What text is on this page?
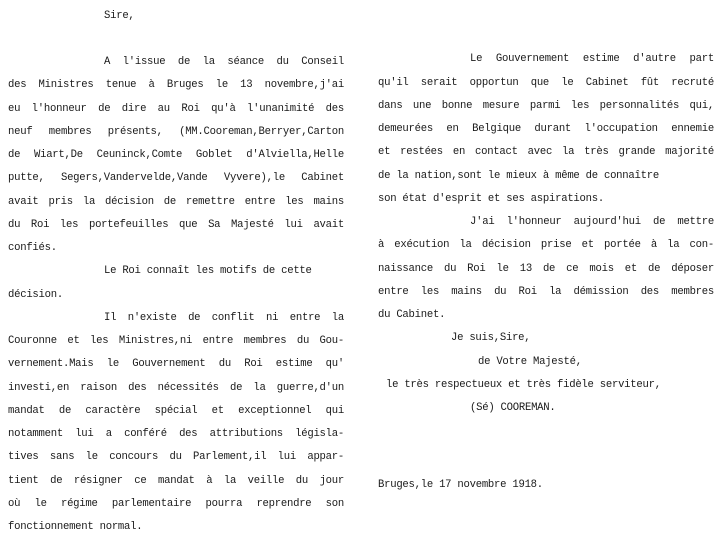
Sire,
A l'issue de la séance du Conseil
des Ministres tenue à Bruges le 13 novembre,j'ai
eu l'honneur de dire au Roi qu'à l'unanimité des
neuf membres présents, (MM.Cooreman,Berryer,Carton
de Wiart,De Ceuninck,Comte Goblet d'Alviella,Helle
putte, Segers,Vandervelde,Vande Vyvere),le Cabinet
avait pris la décision de remettre entre les mains
du Roi les portefeuilles que Sa Majesté lui avait
confiés.
Le Roi connaît les motifs de cette
décision.
Il n'existe de conflit ni entre la
Couronne et les Ministres,ni entre membres du Gou-
vernement.Mais le Gouvernement du Roi estime qu'
investi,en raison des nécessités de la guerre,d'un
mandat de caractère spécial et exceptionnel qui
notamment lui a conféré des attributions législa-
tives sans le concours du Parlement,il lui appar-
tient de résigner ce mandat à la veille du jour
où le régime parlementaire pourra reprendre son
fonctionnement normal.
Le Gouvernement estime d'autre part
qu'il serait opportun que le Cabinet fût recruté
dans une bonne mesure parmi les personnalités qui,
demeurées en Belgique durant l'occupation ennemie
et restées en contact avec la très grande majorité
de la nation,sont le mieux à même de connaître
son état d'esprit et ses aspirations.
J'ai l'honneur aujourd'hui de mettre
à exécution la décision prise et portée à la con-
naissance du Roi le 13 de ce mois et de déposer
entre les mains du Roi la démission des membres
du Cabinet.
Je suis,Sire,
de Votre Majesté,
le très respectueux et très fidèle serviteur,
(Sé) COOREMAN.
Bruges,le 17 novembre 1918.
